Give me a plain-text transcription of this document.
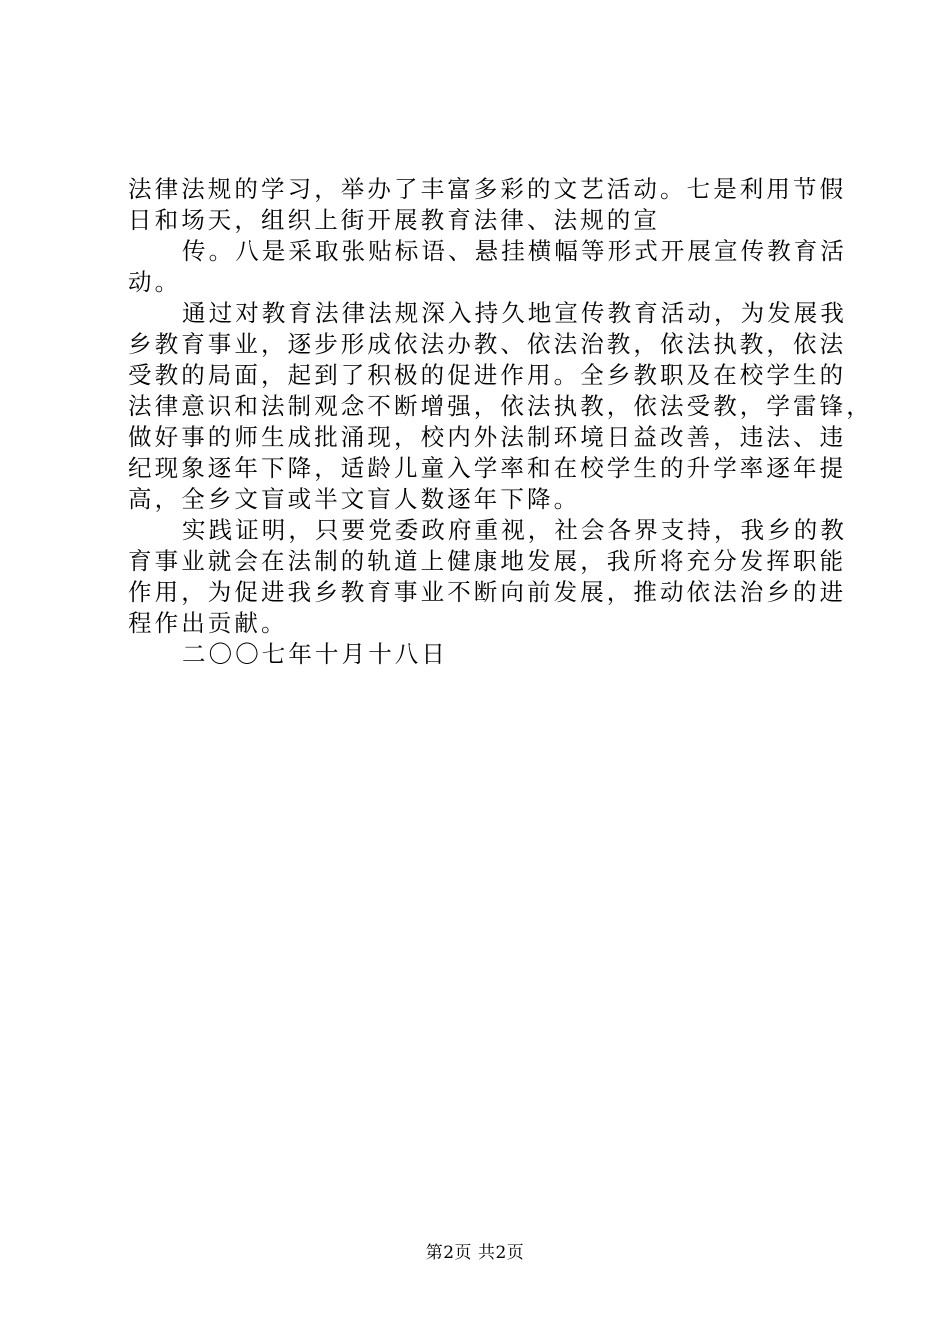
法律法规的学习，举办了丰富多彩的文艺活动。七是利用节假
日和场天，组织上街开展教育法律、法规的宣
传。八是采取张贴标语、悬挂横幅等形式开展宣传教育活
动。
通过对教育法律法规深入持久地宣传教育活动，为发展我
乡教育事业，逐步形成依法办教、依法治教，依法执教，依法
受教的局面，起到了积极的促进作用。全乡教职及在校学生的
法律意识和法制观念不断增强，依法执教，依法受教，学雷锋，
做好事的师生成批涌现，校内外法制环境日益改善，违法、违
纪现象逐年下降，适龄儿童入学率和在校学生的升学率逐年提
高，全乡文盲或半文盲人数逐年下降。
实践证明，只要党委政府重视，社会各界支持，我乡的教
育事业就会在法制的轨道上健康地发展，我所将充分发挥职能
作用，为促进我乡教育事业不断向前发展，推动依法治乡的进
程作出贡献。
二〇〇七年十月十八日
第2页 共2页
